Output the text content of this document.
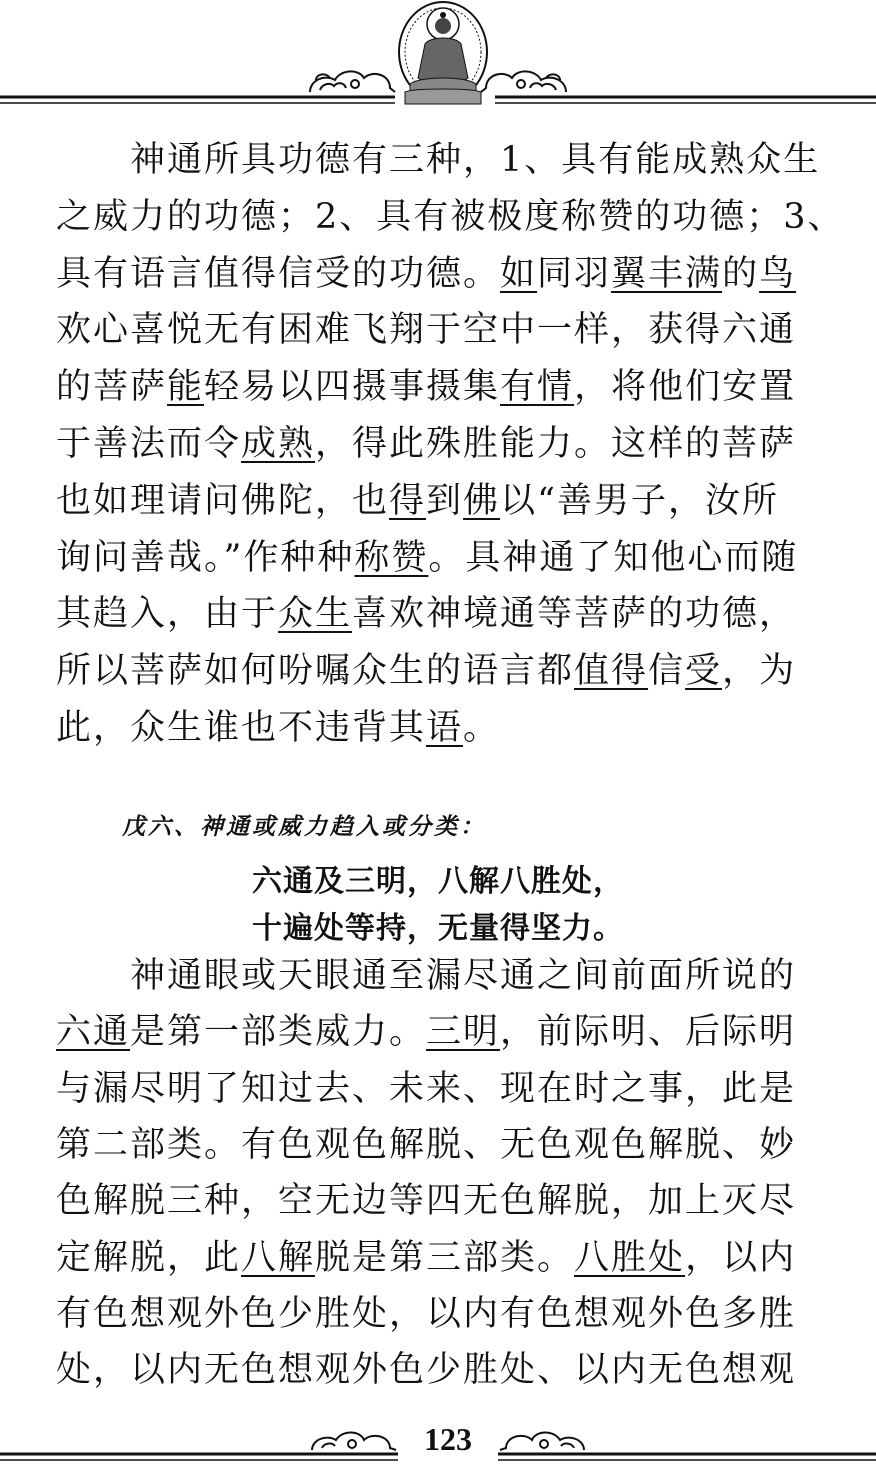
　　神通所具功德有三种，1、具有能成熟众生
之威力的功德；2、具有被极度称赞的功德；3、
具有语言值得信受的功德。如同羽翼丰满的鸟
欢心喜悦无有困难飞翔于空中一样，获得六通
的菩萨能轻易以四摄事摄集有情，将他们安置
于善法而令成熟，得此殊胜能力。这样的菩萨
也如理请问佛陀，也得到佛以“善男子，汝所
询问善哉。”作种种称赞。具神通了知他心而随
其趋入，由于众生喜欢神境通等菩萨的功德，
所以菩萨如何吩嘱众生的语言都值得信受，为
此，众生谁也不违背其语。
戊六、神通或威力趋入或分类：
六通及三明，八解八胜处，
十遍处等持，无量得坚力。
　　神通眼或天眼通至漏尽通之间前面所说的
六通是第一部类威力。三明，前际明、后际明
与漏尽明了知过去、未来、现在时之事，此是
第二部类。有色观色解脱、无色观色解脱、妙
色解脱三种，空无边等四无色解脱，加上灭尽
定解脱，此八解脱是第三部类。八胜处，以内
有色想观外色少胜处，以内有色想观外色多胜
处，以内无色想观外色少胜处、以内无色想观
123
